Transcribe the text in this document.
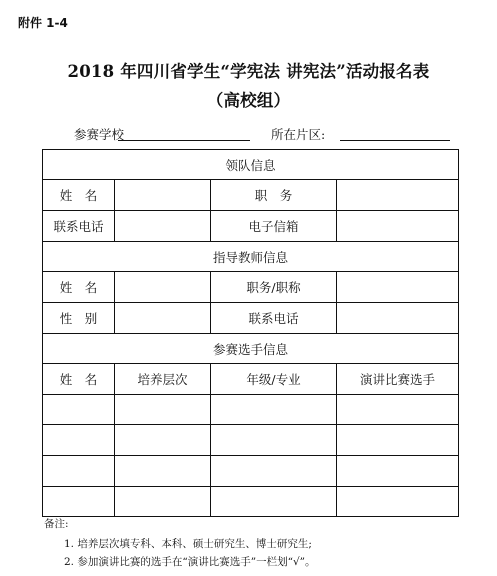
附件 1-4
2018 年四川省学生“学宪法 讲宪法”活动报名表
（高校组）
参赛学校	所在片区:
领队信息			
姓　名		职　务	
联系电话		电子信箱	
指导教师信息			
姓　名		职务/职称	
性　别		联系电话	
参赛选手信息			
姓　名	培养层次	年级/专业	演讲比赛选手

备注:
1. 培养层次填专科、本科、硕士研究生、博士研究生;
2. 参加演讲比赛的选手在“演讲比赛选手”一栏划“√”。
